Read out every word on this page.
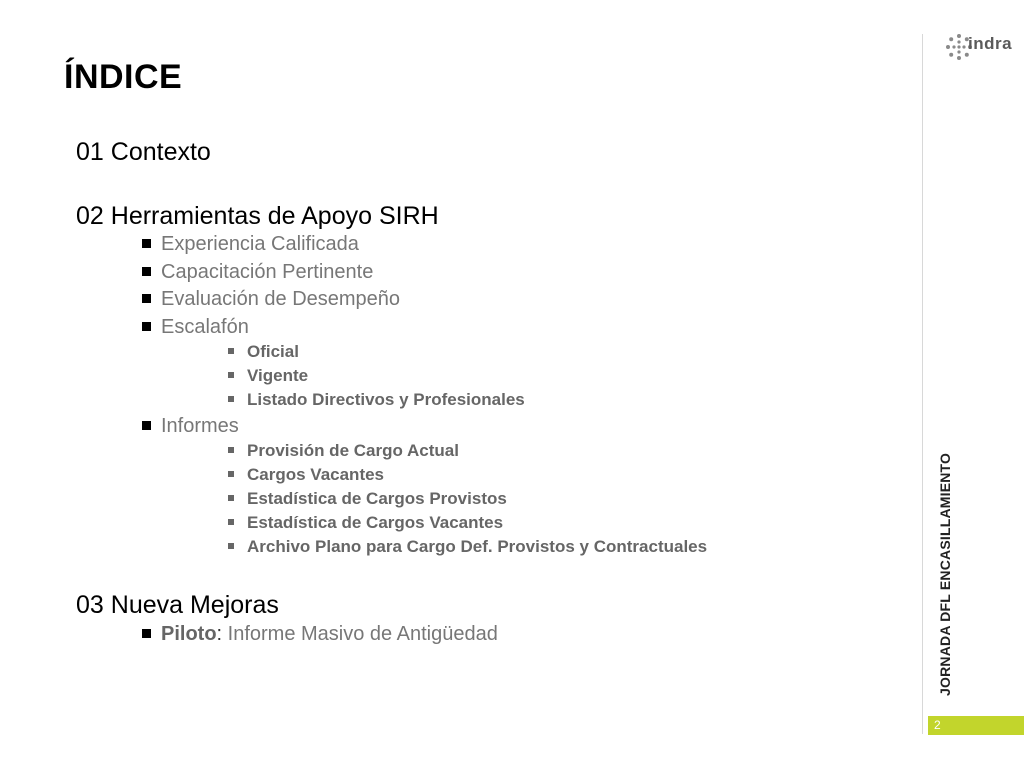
ÍNDICE
01 Contexto
02 Herramientas de Apoyo SIRH
Experiencia Calificada
Capacitación Pertinente
Evaluación de Desempeño
Escalafón
Oficial
Vigente
Listado Directivos y Profesionales
Informes
Provisión de Cargo Actual
Cargos Vacantes
Estadística de Cargos Provistos
Estadística de Cargos Vacantes
Archivo Plano para Cargo Def. Provistos y Contractuales
03 Nueva Mejoras
Piloto: Informe Masivo de Antigüedad
indra
JORNADA DFL ENCASILLAMIENTO
2
